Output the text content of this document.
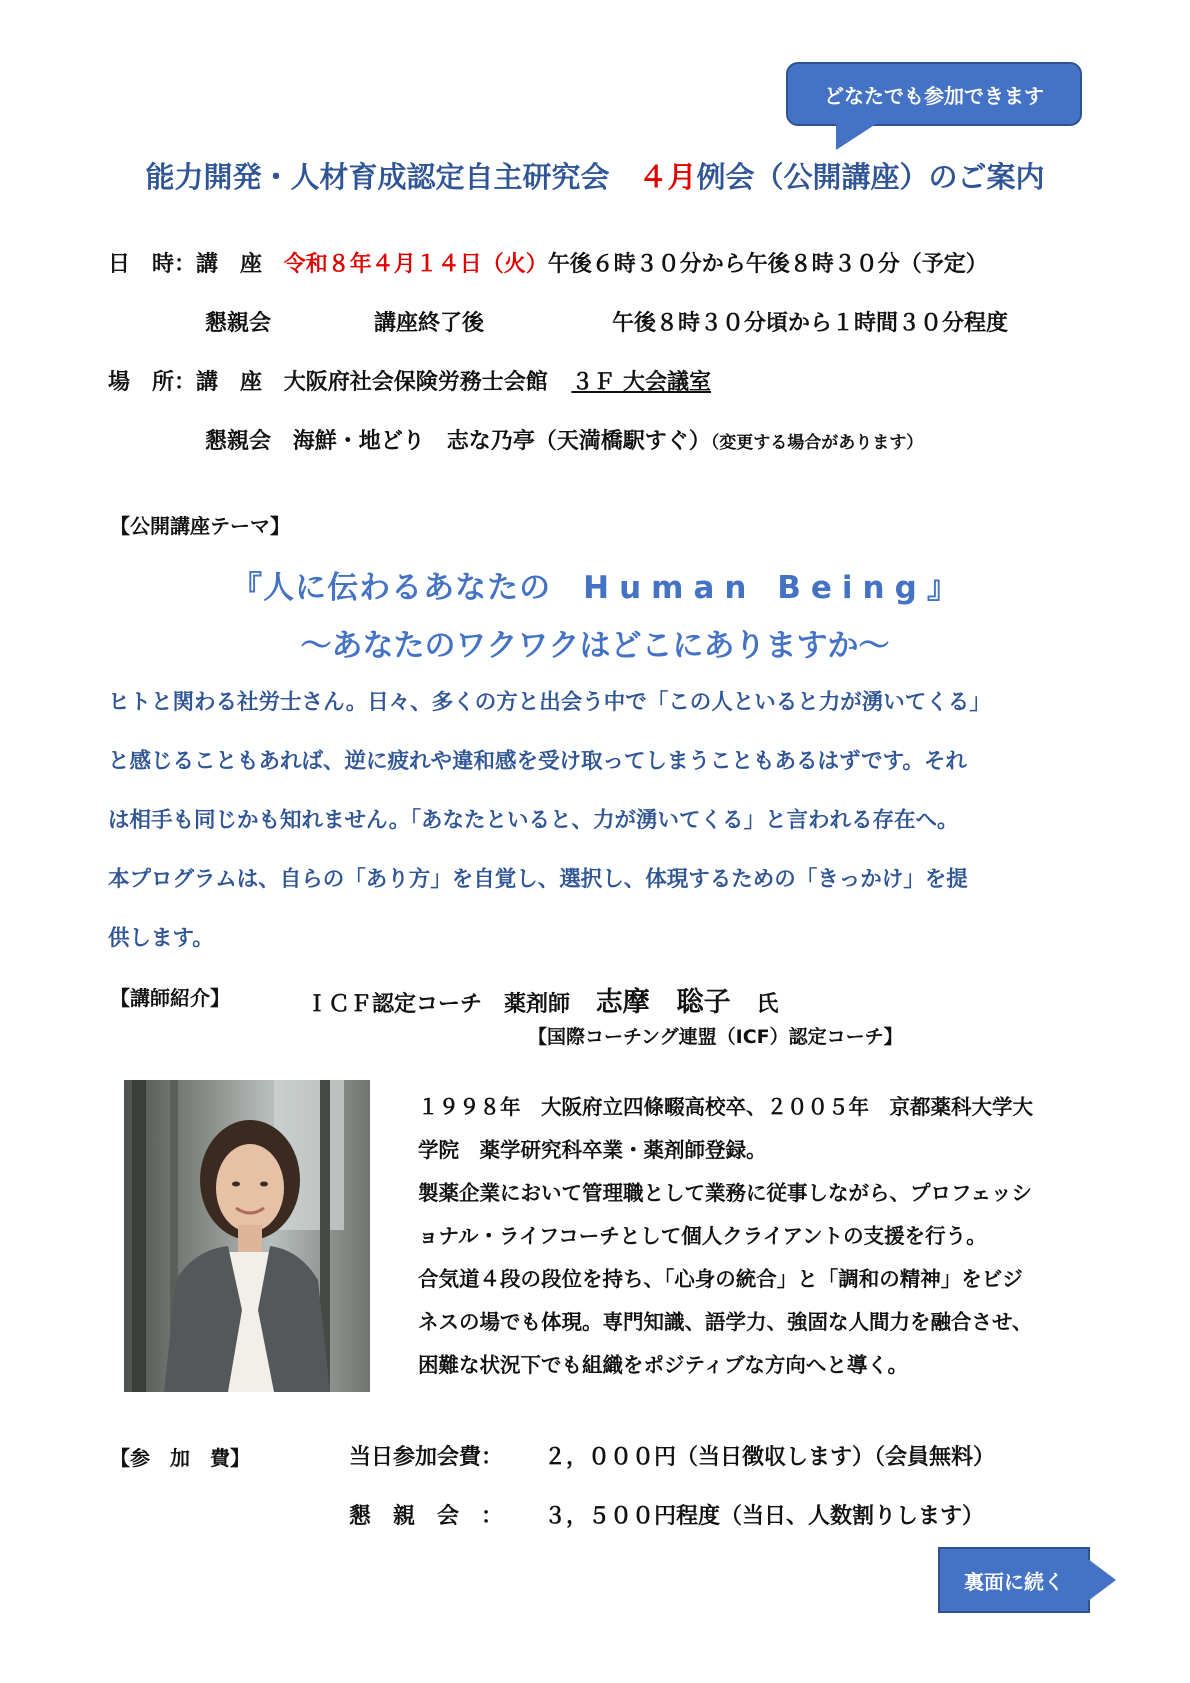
どなたでも参加できます
能力開発・人材育成認定自主研究会　４月例会（公開講座）のご案内
日　時：講　座 令和８年４月１４日（火）午後６時３０分から午後８時３０分（予定）
懇親会	講座終了後	午後８時３０分頃から１時間３０分程度
場　所：講　座 大阪府社会保険労務士会館 ３Ｆ 大会議室
懇親会 海鮮・地どり　志な乃亭（天満橋駅すぐ）（変更する場合があります）
【公開講座テーマ】
『人に伝わるあなたの　Human Being』
～あなたのワクワクはどこにありますか～
ヒトと関わる社労士さん。日々、多くの方と出会う中で「この人といると力が湧いてくる」
と感じることもあれば、逆に疲れや違和感を受け取ってしまうこともあるはずです。それ
は相手も同じかも知れません。「あなたといると、力が湧いてくる」と言われる存在へ。
本プログラムは、自らの「あり方」を自覚し、選択し、体現するための「きっかけ」を提
供します。
【講師紹介】	ＩＣＦ認定コーチ　薬剤師 志摩　聡子 氏
【国際コーチング連盟（ICF）認定コーチ】
１９９８年　大阪府立四條畷高校卒、２００５年　京都薬科大学大
学院　薬学研究科卒業・薬剤師登録。
製薬企業において管理職として業務に従事しながら、プロフェッシ
ョナル・ライフコーチとして個人クライアントの支援を行う。
合気道４段の段位を持ち、「心身の統合」と「調和の精神」をビジ
ネスの場でも体現。専門知識、語学力、強固な人間力を融合させ、
困難な状況下でも組織をポジティブな方向へと導く。
【参　加　費】	当日参加会費： ２，０００円（当日徴収します）（会員無料）
懇　親　会　： ３，５００円程度（当日、人数割りします）
裏面に続く
